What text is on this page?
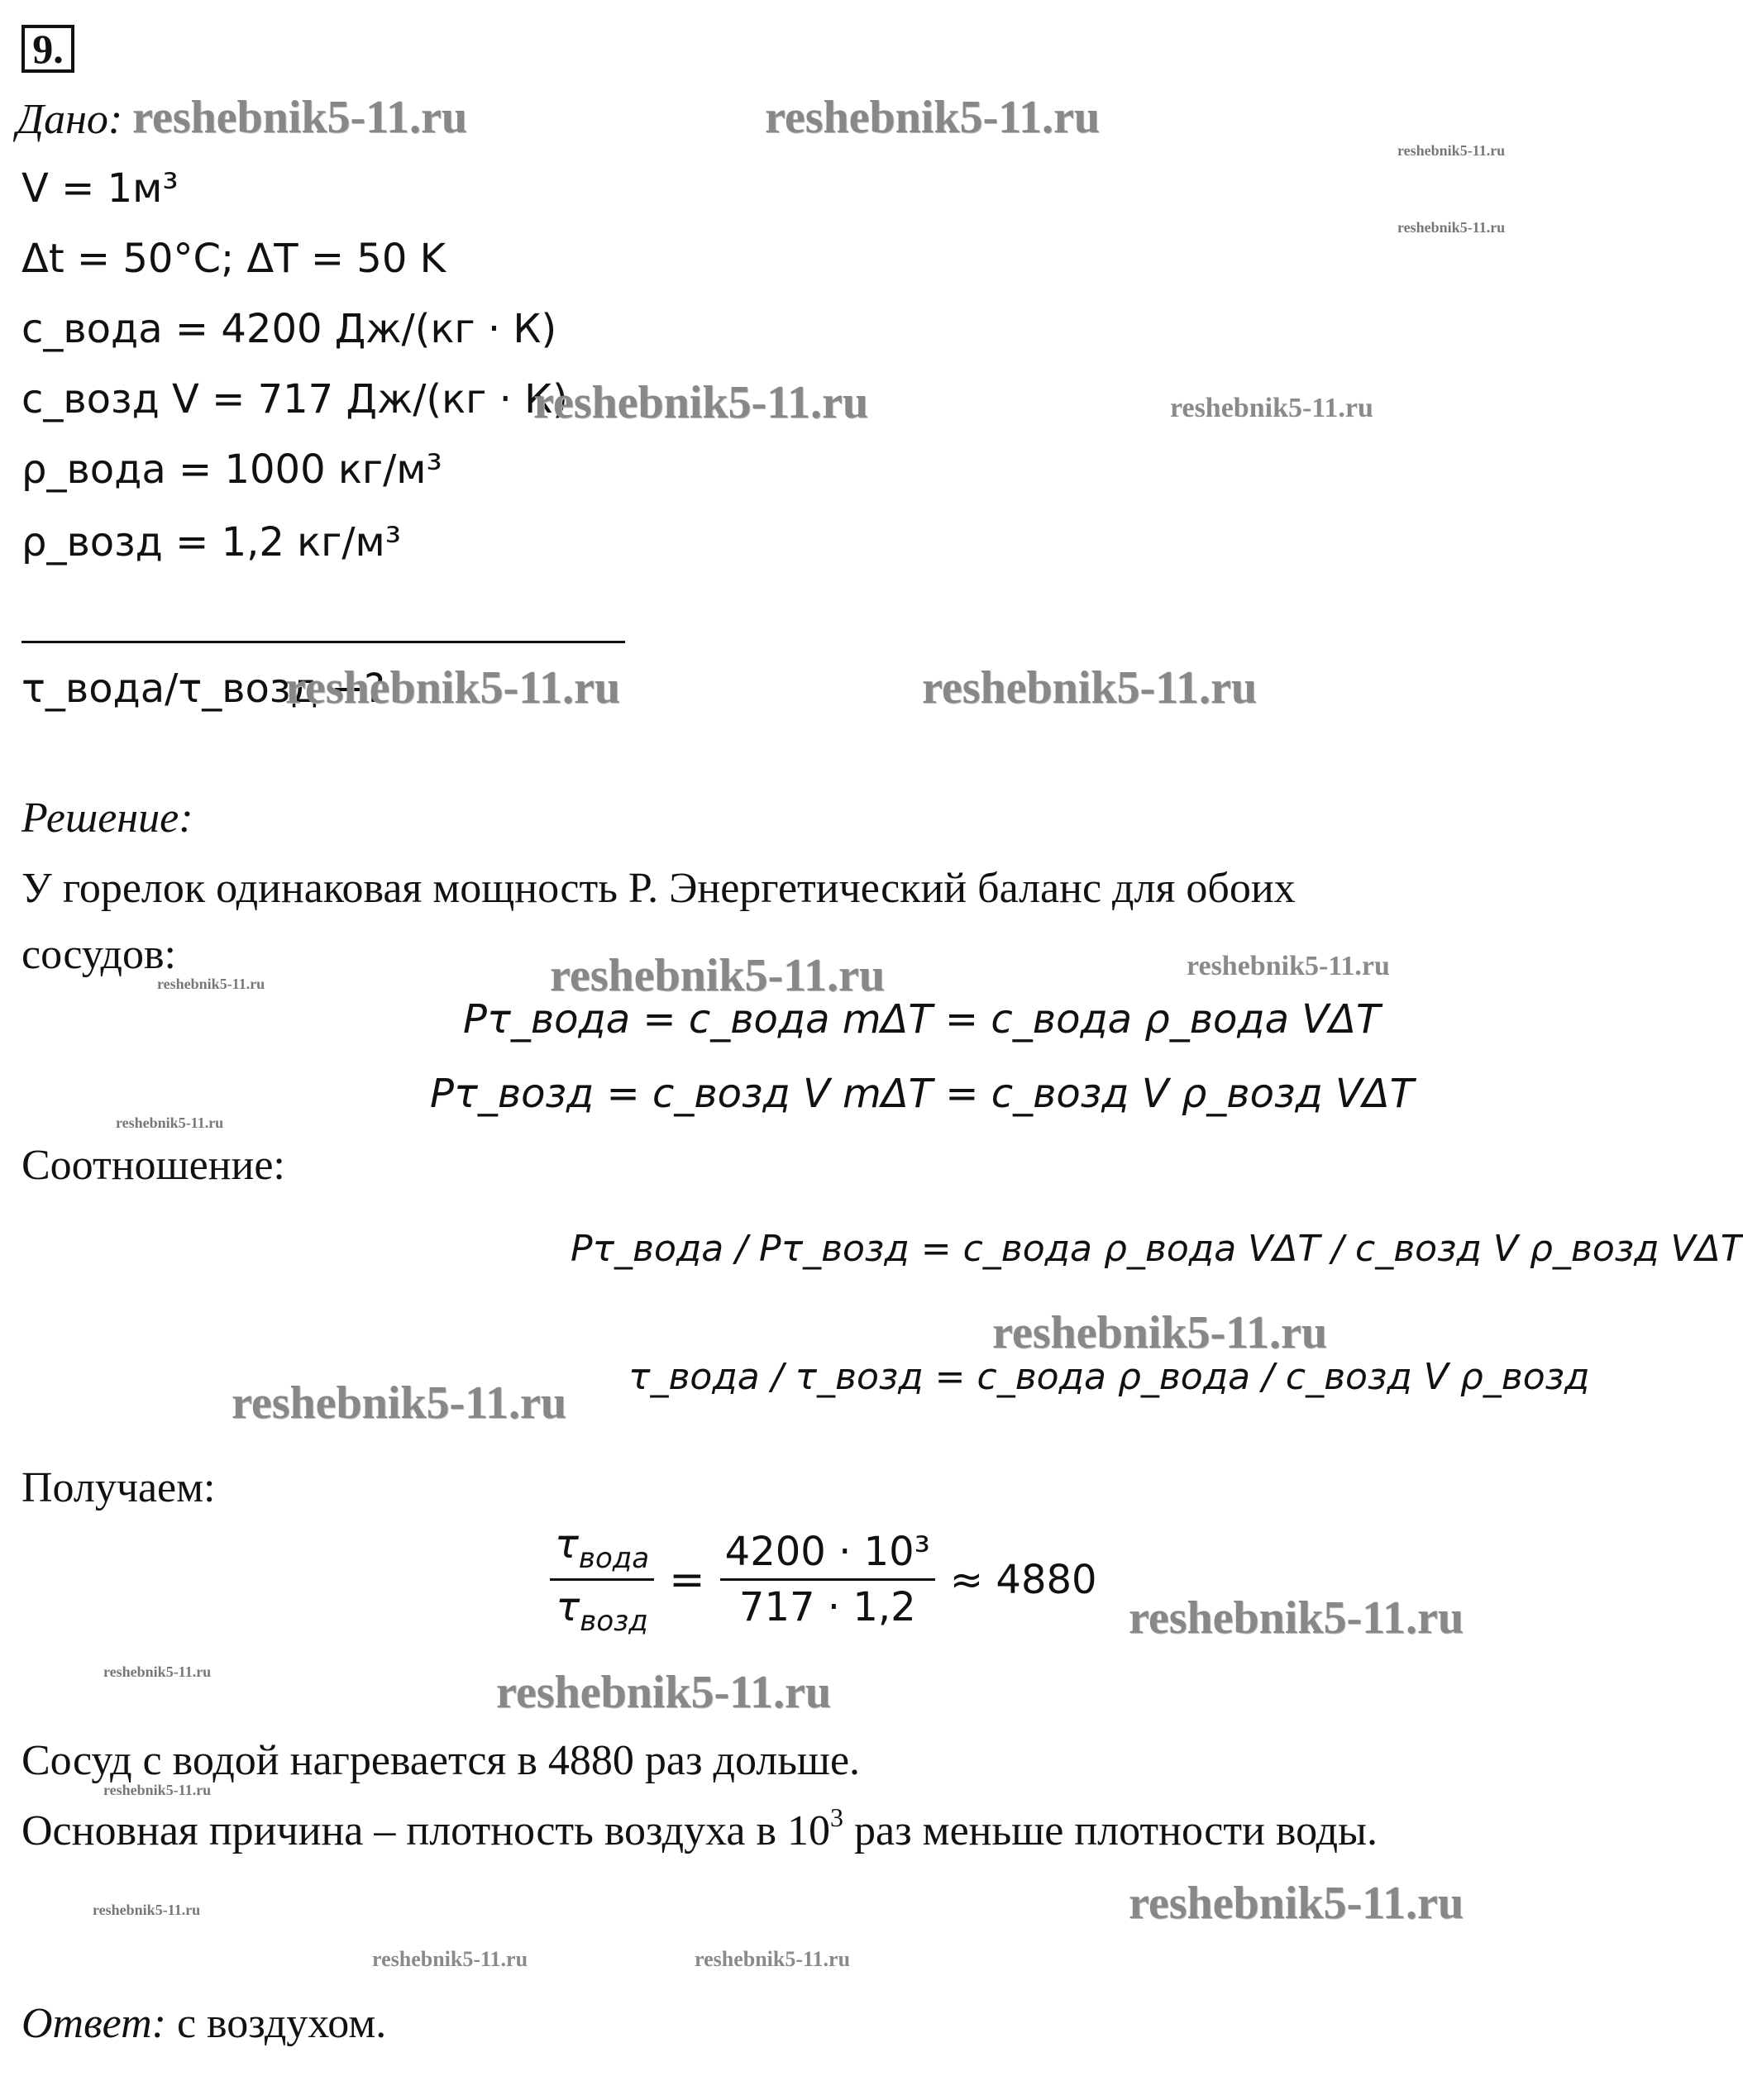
9.
Дано:
V = 1м³
Δt = 50°C; ΔT = 50 K
c_вода = 4200 Дж/(кг · К)
c_возд V = 717 Дж/(кг · К)
ρ_вода = 1000 кг/м³
ρ_возд = 1,2 кг/м³
τ_вода/τ_возд −?
Решение:
У горелок одинаковая мощность P. Энергетический баланс для обоих
сосудов:
Pτ_вода = c_вода mΔT = c_вода ρ_вода VΔT
Pτ_возд = c_возд V mΔT = c_возд V ρ_возд VΔT
Соотношение:
Pτ_вода / Pτ_возд = c_вода ρ_вода VΔT / c_возд V ρ_возд VΔT
τ_вода / τ_возд = c_вода ρ_вода / c_возд V ρ_возд
Получаем:
$\frac{\tau_{вода}}{\tau_{возд}} = \frac{\text{4200 · 10³}}{717 \cdot 1,2} \approx 4880$
Сосуд с водой нагревается в 4880 раз дольше.
Основная причина – плотность воздуха в $10^3$ раз меньше плотности воды.
Ответ: с воздухом.
reshebnik5-11.ru	reshebnik5-11.ru
reshebnik5-11.ru
reshebnik5-11.ru
reshebnik5-11.ru	reshebnik5-11.ru
reshebnik5-11.ru	reshebnik5-11.ru
reshebnik5-11.ru	reshebnik5-11.ru
reshebnik5-11.ru
reshebnik5-11.ru
reshebnik5-11.ru
reshebnik5-11.ru
reshebnik5-11.ru
reshebnik5-11.ru	reshebnik5-11.ru
reshebnik5-11.ru
reshebnik5-11.ru
reshebnik5-11.ru
reshebnik5-11.ru	reshebnik5-11.ru
